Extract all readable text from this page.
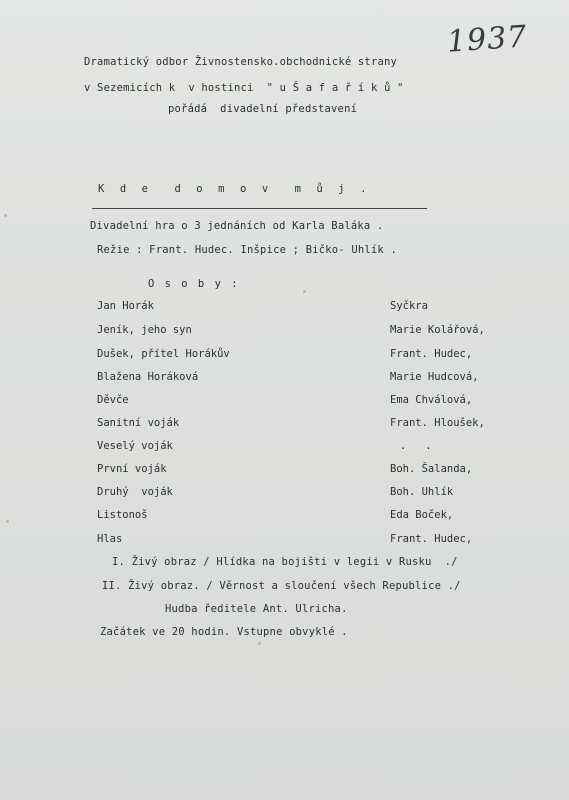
1937
Dramatický odbor Živnostensko.obchodnické strany
v Sezemicích k  v hostinci  " u Š a f a ř í k ů "
pořádá  divadelní představení
K d e  d o m o v  m ů j .
Divadelní hra o 3 jednáních od Karla Baláka .
Režie : Frant. Hudec. Inšpice ; Bičko- Uhlík .
O s o b y :
Jan Horák	Syčkra
Jeník, jeho syn	Marie Kolářová,
Dušek, přítel Horákův	Frant. Hudec,
Blažena Horáková	Marie Hudcová,
Děvče	Ema Chválová,
Sanitní voják	Frant. Hloušek,
Veselý voják	.   .
První voják	Boh. Šalanda,
Druhý  voják	Boh. Uhlík
Listonoš	Eda Boček,
Hlas	Frant. Hudec,
I. Živý obraz / Hlídka na bojišti v legii v Rusku  ./
II. Živý obraz. / Věrnost a sloučení všech Republice ./
Hudba ředitele Ant. Ulricha.
Začátek ve 20 hodin. Vstupne obvyklé .
